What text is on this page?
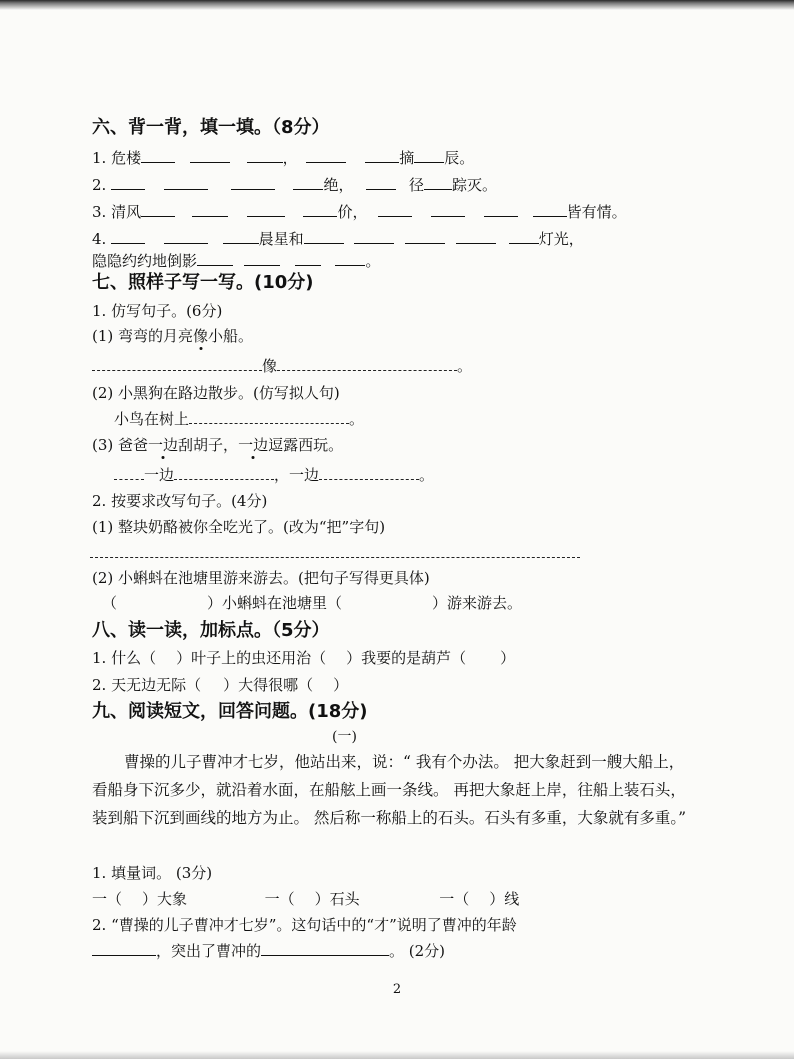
六、背一背，填一填。（8分）
1. 危楼	，	摘 辰。
2.	绝，	径 踪灭。
3. 清风	价，	皆有情。
4.	晨星和	灯光，
隐隐约约地倒影	。
七、照样子写一写。(10分)
1. 仿写句子。(6分)
(1) 弯弯的月亮像小船。
像	。
(2) 小黑狗在路边散步。(仿写拟人句)
小鸟在树上	。
(3) 爸爸一边刮胡子，一边逗露西玩。
一边	，一边	。
2. 按要求改写句子。(4分)
(1) 整块奶酪被你全吃光了。(改为“把”字句)
(2) 小蝌蚪在池塘里游来游去。(把句子写得更具体)
（	）小蝌蚪在池塘里（	）游来游去。
八、读一读，加标点。（5分）
1. 什么（ ）叶子上的虫还用治（ ）我要的是葫芦（ ）
2. 天无边无际（ ）大得很哪（ ）
九、阅读短文，回答问题。(18分)
(一)
曹操的儿子曹冲才七岁，他站出来，说：“ 我有个办法。 把大象赶到一艘大船上，看船身下沉多少，就沿着水面，在船舷上画一条线。 再把大象赶上岸，往船上装石头，装到船下沉到画线的地方为止。 然后称一称船上的石头。石头有多重，大象就有多重。”
1. 填量词。 (3分)
一（ ）大象	一（ ）石头	一（ ）线
2. “曹操的儿子曹冲才七岁”。这句话中的“才”说明了曹冲的年龄
，突出了曹冲的	。 (2分)
2
